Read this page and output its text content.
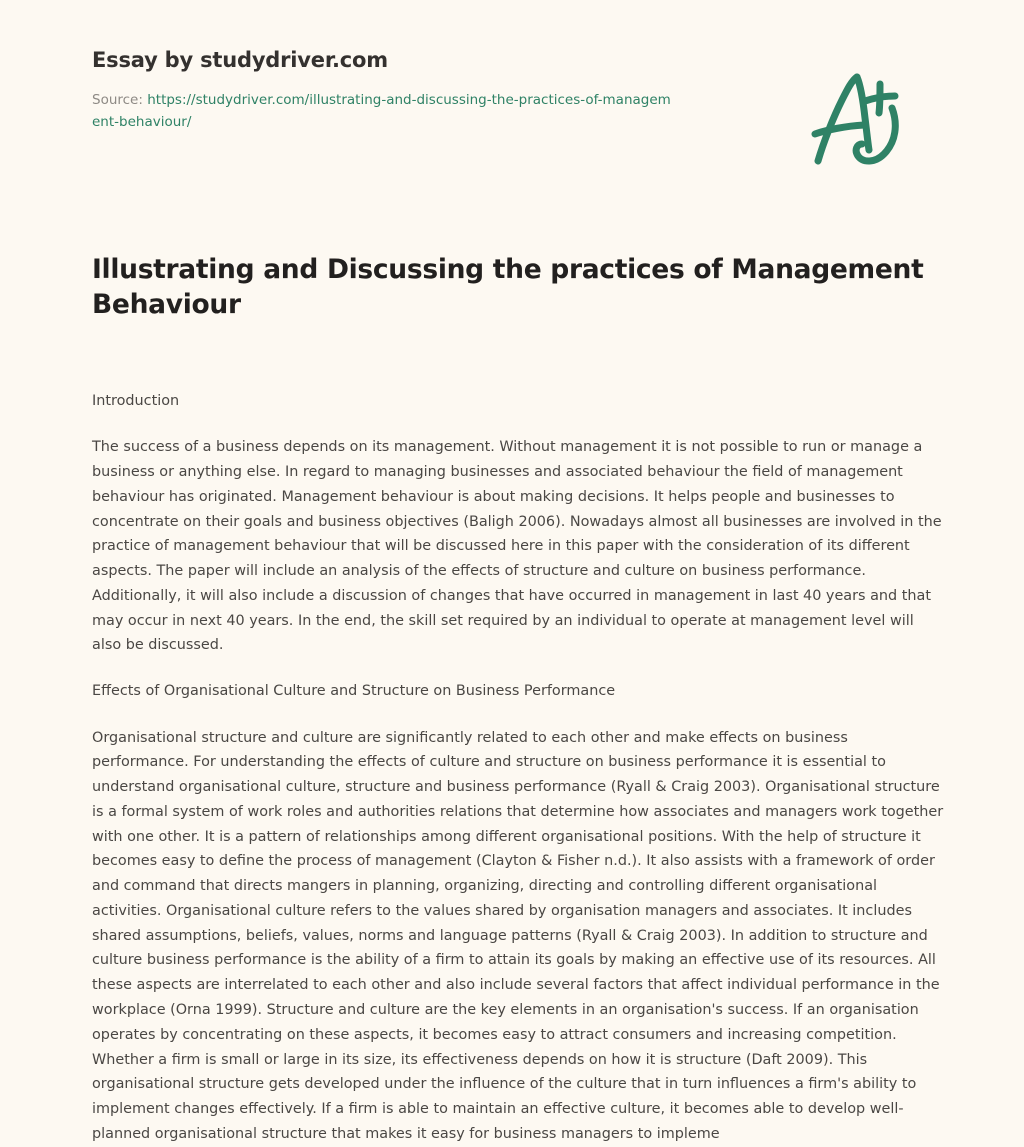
Essay by studydriver.com
Source: https://studydriver.com/illustrating-and-discussing-the-practices-of-management-behaviour/
Illustrating and Discussing the practices of Management Behaviour
Introduction

The success of a business depends on its management. Without management it is not possible to run or manage a business or anything else. In regard to managing businesses and associated behaviour the field of management behaviour has originated. Management behaviour is about making decisions. It helps people and businesses to concentrate on their goals and business objectives (Baligh 2006). Nowadays almost all businesses are involved in the practice of management behaviour that will be discussed here in this paper with the consideration of its different aspects. The paper will include an analysis of the effects of structure and culture on business performance. Additionally, it will also include a discussion of changes that have occurred in management in last 40 years and that may occur in next 40 years. In the end, the skill set required by an individual to operate at management level will also be discussed.

Effects of Organisational Culture and Structure on Business Performance

Organisational structure and culture are significantly related to each other and make effects on business performance. For understanding the effects of culture and structure on business performance it is essential to understand organisational culture, structure and business performance (Ryall & Craig 2003). Organisational structure is a formal system of work roles and authorities relations that determine how associates and managers work together with one other. It is a pattern of relationships among different organisational positions. With the help of structure it becomes easy to define the process of management (Clayton & Fisher n.d.). It also assists with a framework of order and command that directs mangers in planning, organizing, directing and controlling different organisational activities. Organisational culture refers to the values shared by organisation managers and associates. It includes shared assumptions, beliefs, values, norms and language patterns (Ryall & Craig 2003). In addition to structure and culture business performance is the ability of a firm to attain its goals by making an effective use of its resources. All these aspects are interrelated to each other and also include several factors that affect individual performance in the workplace (Orna 1999). Structure and culture are the key elements in an organisation's success. If an organisation operates by concentrating on these aspects, it becomes easy to attract consumers and increasing competition. Whether a firm is small or large in its size, its effectiveness depends on how it is structure (Daft 2009). This organisational structure gets developed under the influence of the culture that in turn influences a firm's ability to implement changes effectively. If a firm is able to maintain an effective culture, it becomes able to develop well-planned organisational structure that makes it easy for business managers to impleme
